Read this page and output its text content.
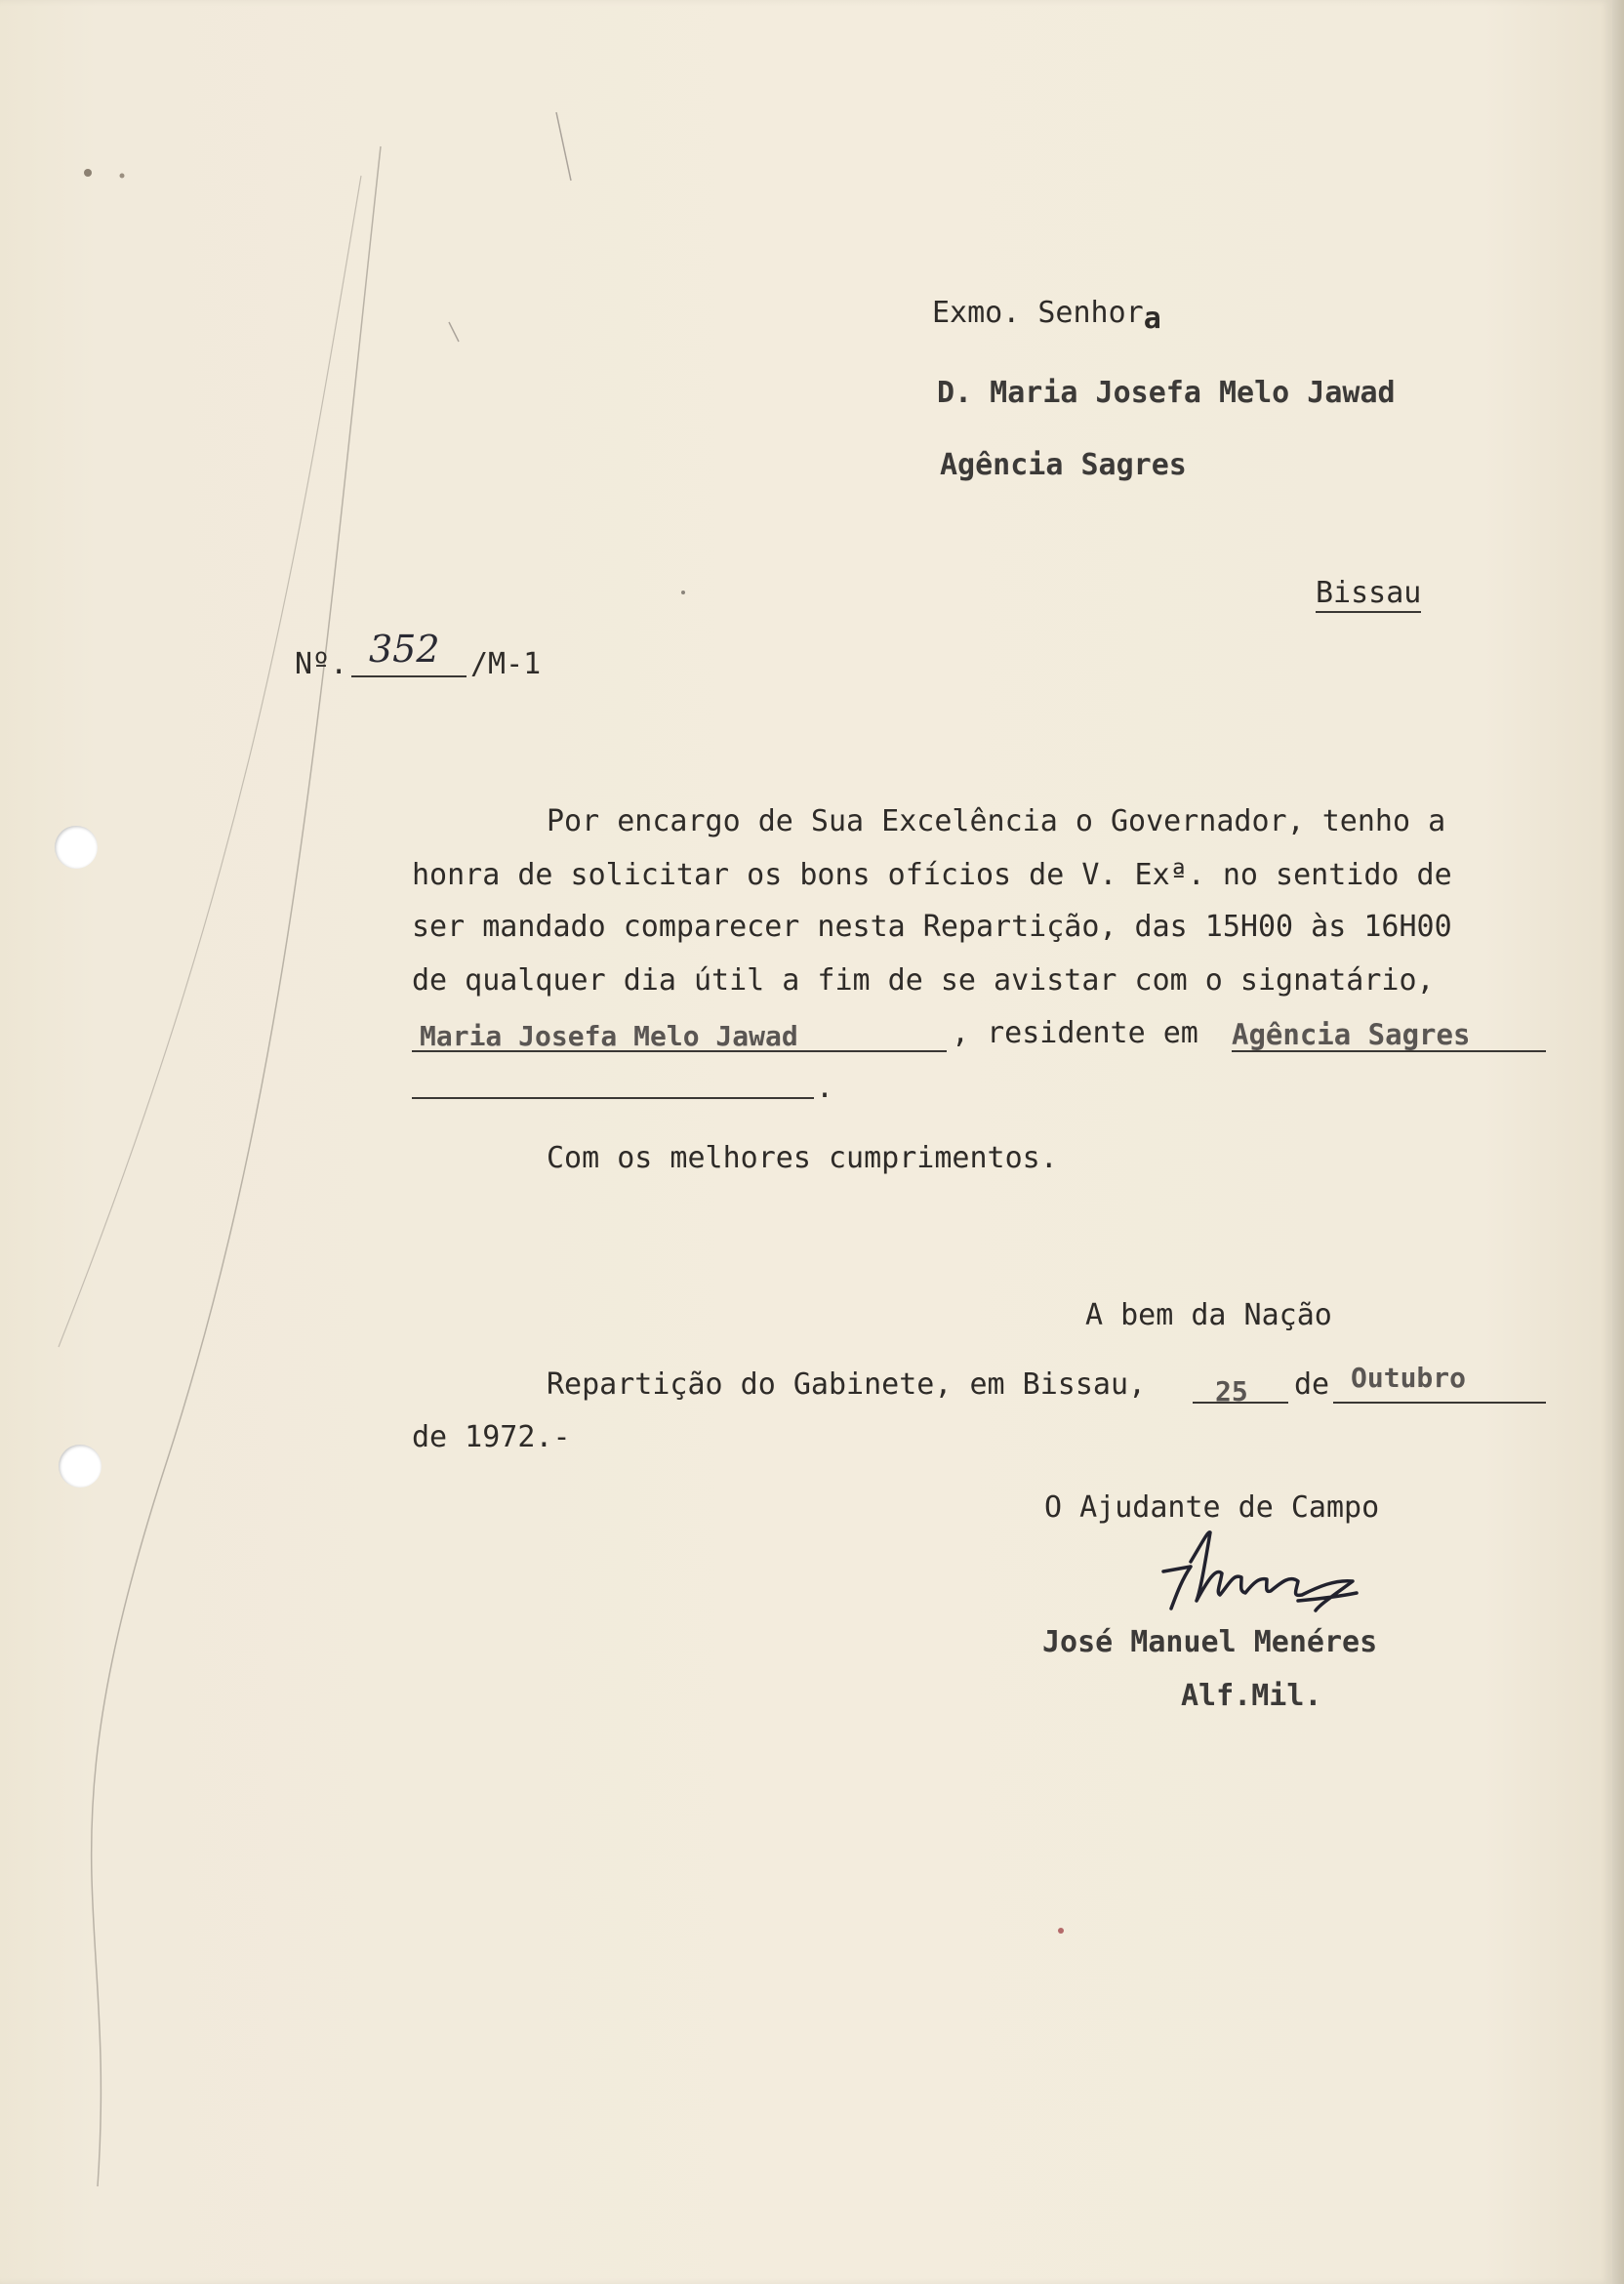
Exmo. Senhora
D. Maria Josefa Melo Jawad
Agência Sagres
Bissau
Nº. 352 /M-1
Por encargo de Sua Excelência o Governador, tenho a
honra de solicitar os bons ofícios de V. Exª. no sentido de
ser mandado comparecer nesta Repartição, das 15H00 às 16H00
de qualquer dia útil a fim de se avistar com o signatário,
Maria Josefa Melo Jawad	, residente em Agência Sagres
.
Com os melhores cumprimentos.
A bem da Nação
Repartição do Gabinete, em Bissau,	25 de Outubro
de 1972.-
O Ajudante de Campo
José Manuel Menéres
Alf.Mil.
